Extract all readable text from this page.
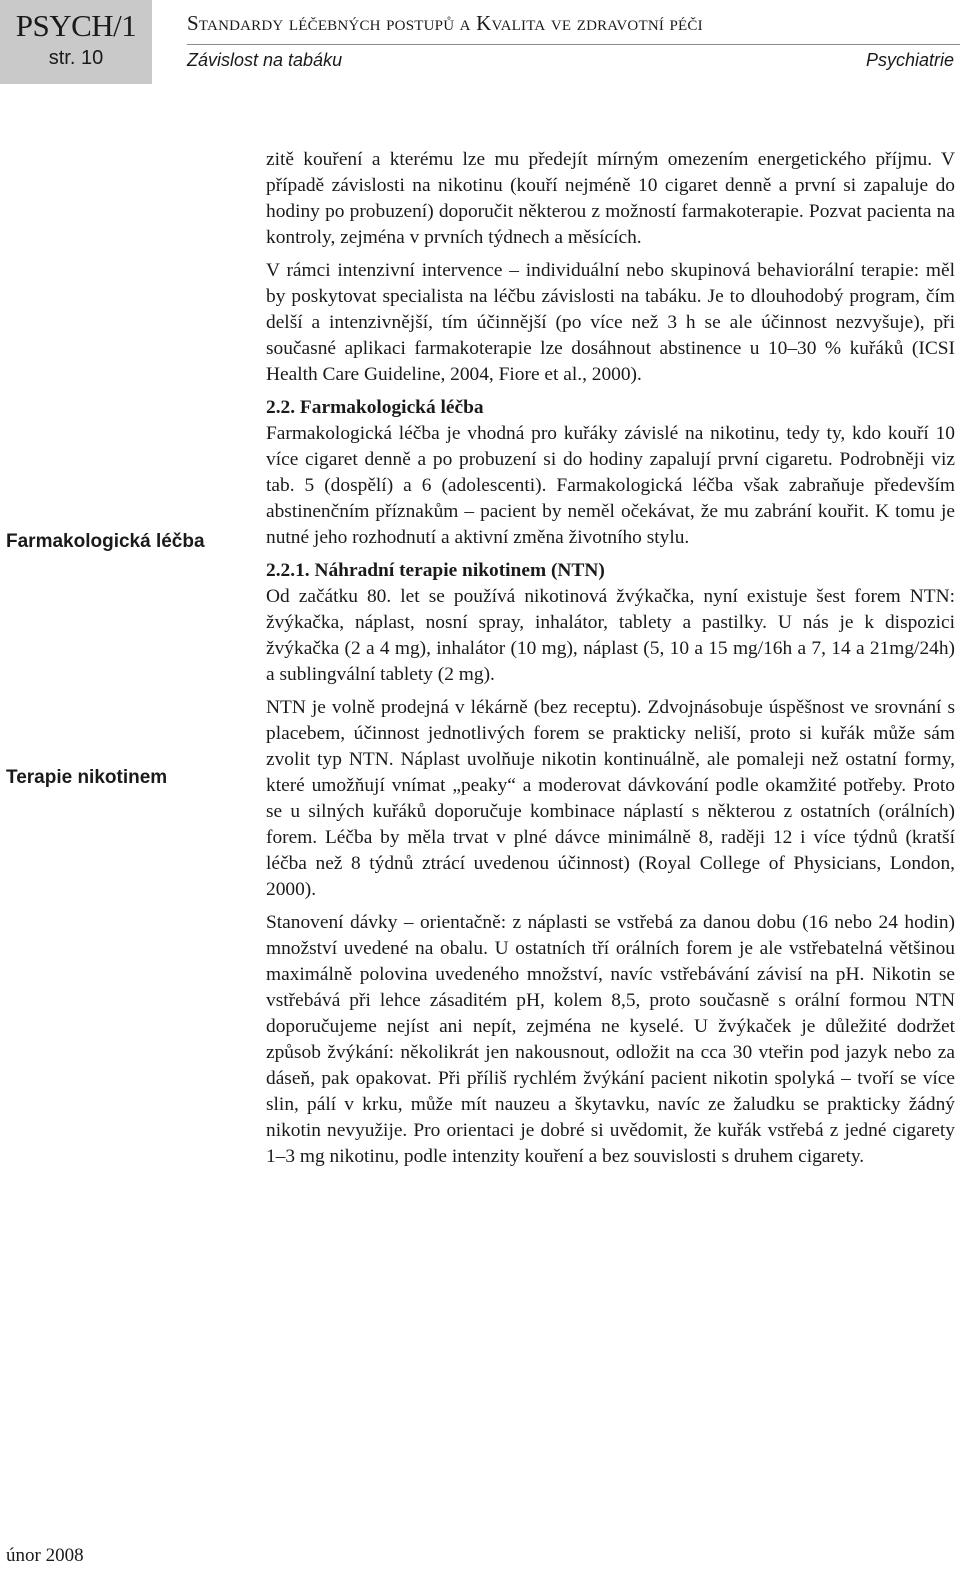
PSYCH/1
str. 10
Standardy léčebných postupů a Kvalita ve zdravotní péči
Závislost na tabáku	Psychiatrie
Farmakologická léčba
Terapie nikotinem

zitě kouření a kterému lze mu předejít mírným omezením energetického příjmu. V případě závislosti na nikotinu (kouří nejméně 10 cigaret denně a první si zapaluje do hodiny po probuzení) doporučit některou z možností farmakoterapie. Pozvat pacienta na kontroly, zejména v prvních týdnech a měsících.

V rámci intenzivní intervence – individuální nebo skupinová behaviorální terapie: měl by poskytovat specialista na léčbu závislosti na tabáku. Je to dlouhodobý program, čím delší a intenzivnější, tím účinnější (po více než 3 h se ale účinnost nezvyšuje), při současné aplikaci farmakoterapie lze dosáhnout abstinence u 10–30 % kuřáků (ICSI Health Care Guideline, 2004, Fiore et al., 2000).

2.2. Farmakologická léčba

Farmakologická léčba je vhodná pro kuřáky závislé na nikotinu, tedy ty, kdo kouří 10 více cigaret denně a po probuzení si do hodiny zapalují první cigaretu. Podrobněji viz tab. 5 (dospělí) a 6 (adolescenti). Farmakologická léčba však zabraňuje především abstinenčním příznakům – pacient by neměl očekávat, že mu zabrání kouřit. K tomu je nutné jeho rozhodnutí a aktivní změna životního stylu.

2.2.1. Náhradní terapie nikotinem (NTN)

Od začátku 80. let se používá nikotinová žvýkačka, nyní existuje šest forem NTN: žvýkačka, náplast, nosní spray, inhalátor, tablety a pastilky. U nás je k dispozici žvýkačka (2 a 4 mg), inhalátor (10 mg), náplast (5, 10 a 15 mg/16h a 7, 14 a 21mg/24h) a sublingvální tablety (2 mg).

NTN je volně prodejná v lékárně (bez receptu). Zdvojnásobuje úspěšnost ve srovnání s placebem, účinnost jednotlivých forem se prakticky neliší, proto si kuřák může sám zvolit typ NTN. Náplast uvolňuje nikotin kontinuálně, ale pomaleji než ostatní formy, které umožňují vnímat „peaky“ a moderovat dávkování podle okamžité potřeby. Proto se u silných kuřáků doporučuje kombinace náplastí s některou z ostatních (orálních) forem. Léčba by měla trvat v plné dávce minimálně 8, raději 12 i více týdnů (kratší léčba než 8 týdnů ztrácí uvedenou účinnost) (Royal College of Physicians, London, 2000).

Stanovení dávky – orientačně: z náplasti se vstřebá za danou dobu (16 nebo 24 hodin) množství uvedené na obalu. U ostatních tří orálních forem je ale vstřebatelná většinou maximálně polovina uvedeného množství, navíc vstřebávání závisí na pH. Nikotin se vstřebává při lehce zásaditém pH, kolem 8,5, proto současně s orální formou NTN doporučujeme nejíst ani nepít, zejména ne kyselé. U žvýkaček je důležité dodržet způsob žvýkání: několikrát jen nakousnout, odložit na cca 30 vteřin pod jazyk nebo za dáseň, pak opakovat. Při příliš rychlém žvýkání pacient nikotin spolyká – tvoří se více slin, pálí v krku, může mít nauzeu a škytavku, navíc ze žaludku se prakticky žádný nikotin nevyužije. Pro orientaci je dobré si uvědomit, že kuřák vstřebá z jedné cigarety 1–3 mg nikotinu, podle intenzity kouření a bez souvislosti s druhem cigarety.

únor 2008
